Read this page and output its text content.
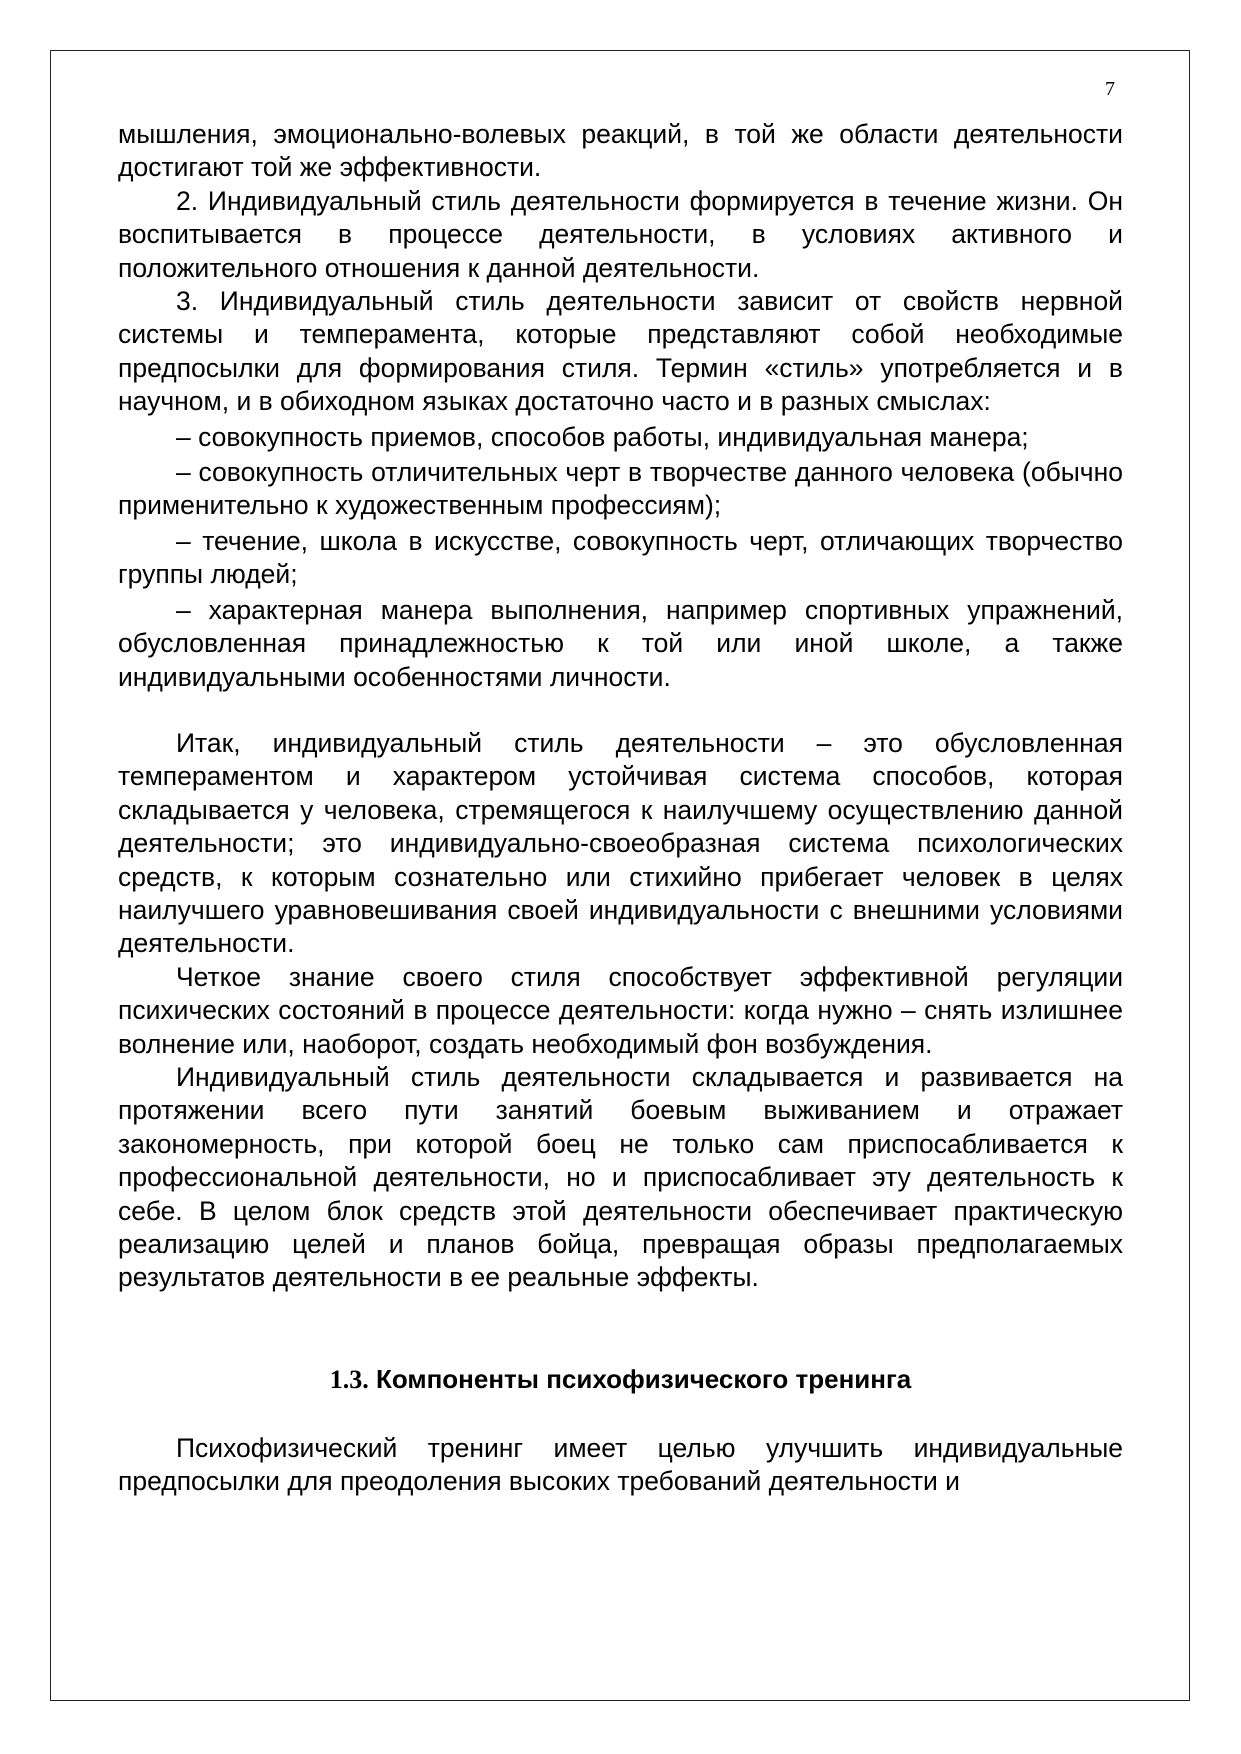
7

мышления, эмоционально-волевых реакций, в той же области деятельности достигают той же эффективности.

2. Индивидуальный стиль деятельности формируется в течение жизни. Он воспитывается в процессе деятельности, в условиях активного и положительного отношения к данной деятельности.

3. Индивидуальный стиль деятельности зависит от свойств нервной системы и темперамента, которые представляют собой необходимые предпосылки для формирования стиля. Термин «стиль» употребляется и в научном, и в обиходном языках достаточно часто и в разных смыслах:

– совокупность приемов, способов работы, индивидуальная манера;

– совокупность отличительных черт в творчестве данного человека (обычно применительно к художественным профессиям);

– течение, школа в искусстве, совокупность черт, отличающих творчество группы людей;

– характерная манера выполнения, например спортивных упражнений, обусловленная принадлежностью к той или иной школе, а также индивидуальными особенностями личности.

Итак, индивидуальный стиль деятельности – это обусловленная темпераментом и характером устойчивая система способов, которая складывается у человека, стремящегося к наилучшему осуществлению данной деятельности; это индивидуально-своеобразная система психологических средств, к которым сознательно или стихийно прибегает человек в целях наилучшего уравновешивания своей индивидуальности с внешними условиями деятельности.

Четкое знание своего стиля способствует эффективной регуляции психических состояний в процессе деятельности: когда нужно – снять излишнее волнение или, наоборот, создать необходимый фон возбуждения.

Индивидуальный стиль деятельности складывается и развивается на протяжении всего пути занятий боевым выживанием и отражает закономерность, при которой боец не только сам приспосабливается к профессиональной деятельности, но и приспосабливает эту деятельность к себе. В целом блок средств этой деятельности обеспечивает практическую реализацию целей и планов бойца, превращая образы предполагаемых результатов деятельности в ее реальные эффекты.

1.3. Компоненты психофизического тренинга

Психофизический тренинг имеет целью улучшить индивидуальные предпосылки для преодоления высоких требований деятельности и
